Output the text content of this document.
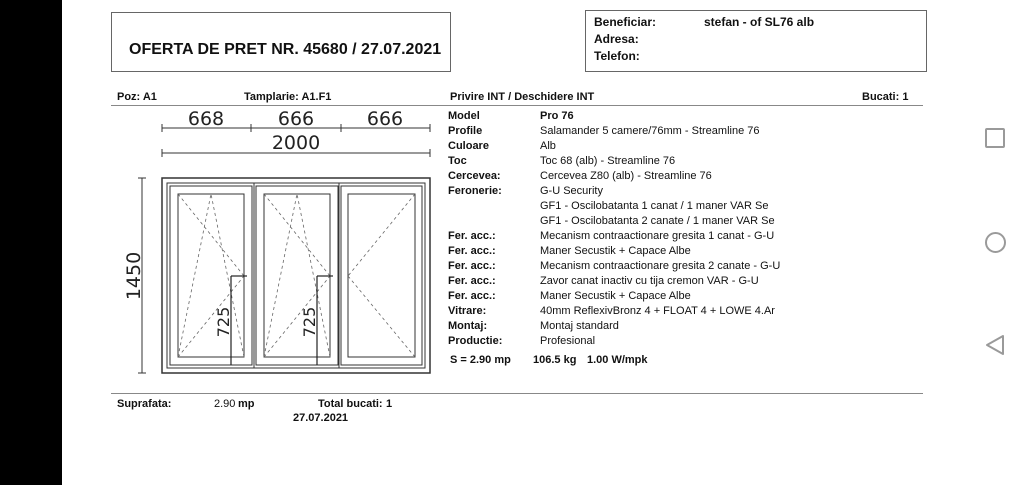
OFERTA DE PRET NR. 45680 / 27.07.2021
Beneficiar:	stefan - of SL76 alb
Adresa:
Telefon:
Poz: A1	Tamplarie: A1.F1	Privire INT / Deschidere INT	Bucati: 1
668	666	666
2000
1450
725	725
Model	Pro 76
Profile	Salamander 5 camere/76mm - Streamline 76
Culoare	Alb
Toc	Toc 68 (alb) - Streamline 76
Cercevea:	Cercevea Z80 (alb) - Streamline 76
Feronerie:	G-U Security
GF1 - Oscilobatanta 1 canat / 1 maner VAR Se
GF1 - Oscilobatanta 2 canate / 1 maner VAR Se
Fer. acc.:	Mecanism contraactionare gresita 1 canat - G-U
Fer. acc.:	Maner Secustik + Capace Albe
Fer. acc.:	Mecanism contraactionare gresita 2 canate - G-U
Fer. acc.:	Zavor canat inactiv cu tija cremon VAR - G-U
Fer. acc.:	Maner Secustik + Capace Albe
Vitrare:	40mm ReflexivBronz 4 + FLOAT 4 + LOWE 4.Ar
Montaj:	Montaj standard
Productie:	Profesional
S = 2.90 mp 106.5 kg 1.00 W/mpk
Suprafata:	2.90 mp	Total bucati: 1
27.07.2021
